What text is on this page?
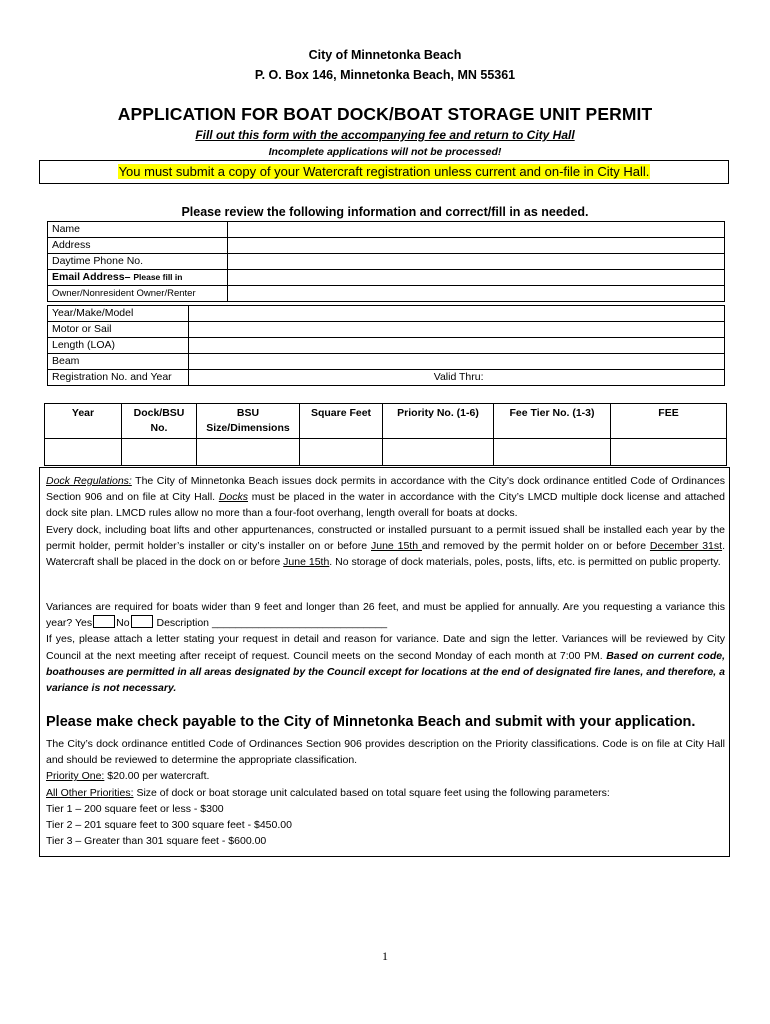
City of Minnetonka Beach
P. O. Box 146, Minnetonka Beach, MN 55361
APPLICATION FOR BOAT DOCK/BOAT STORAGE UNIT PERMIT
Fill out this form with the accompanying fee and return to City Hall
Incomplete applications will not be processed!
You must submit a copy of your Watercraft registration unless current and on-file in City Hall.
Please review the following information and correct/fill in as needed.
Name	
Address	
Daytime Phone No.	
Email Address– Please fill in	
Owner/Nonresident Owner/Renter	
Year/Make/Model	
Motor or Sail	
Length (LOA)	
Beam	
Registration No. and Year	Valid Thru:
Year	Dock/BSU No.	BSU Size/Dimensions	Square Feet	Priority No. (1-6)	Fee Tier No. (1-3)	FEE

Dock Regulations: The City of Minnetonka Beach issues dock permits in accordance with the City’s dock ordinance entitled Code of Ordinances Section 906 and on file at City Hall. Docks must be placed in the water in accordance with the City’s LMCD multiple dock license and attached dock site plan. LMCD rules allow no more than a four-foot overhang, length overall for boats at docks.
Every dock, including boat lifts and other appurtenances, constructed or installed pursuant to a permit issued shall be installed each year by the permit holder, permit holder’s installer or city’s installer on or before June 15th and removed by the permit holder on or before December 31st. Watercraft shall be placed in the dock on or before June 15th. No storage of dock materials, poles, posts, lifts, etc. is permitted on public property.
Variances are required for boats wider than 9 feet and longer than 26 feet, and must be applied for annually. Are you requesting a variance this year? Yes No	Description ______________________________
If yes, please attach a letter stating your request in detail and reason for variance. Date and sign the letter. Variances will be reviewed by City Council at the next meeting after receipt of request. Council meets on the second Monday of each month at 7:00 PM. Based on current code, boathouses are permitted in all areas designated by the Council except for locations at the end of designated fire lanes, and therefore, a variance is not necessary.
Please make check payable to the City of Minnetonka Beach and submit with your application.
The City’s dock ordinance entitled Code of Ordinances Section 906 provides description on the Priority classifications. Code is on file at City Hall and should be reviewed to determine the appropriate classification.
Priority One: $20.00 per watercraft.
All Other Priorities: Size of dock or boat storage unit calculated based on total square feet using the following parameters:
Tier 1 – 200 square feet or less - $300
Tier 2 – 201 square feet to 300 square feet - $450.00
Tier 3 – Greater than 301 square feet - $600.00
1
